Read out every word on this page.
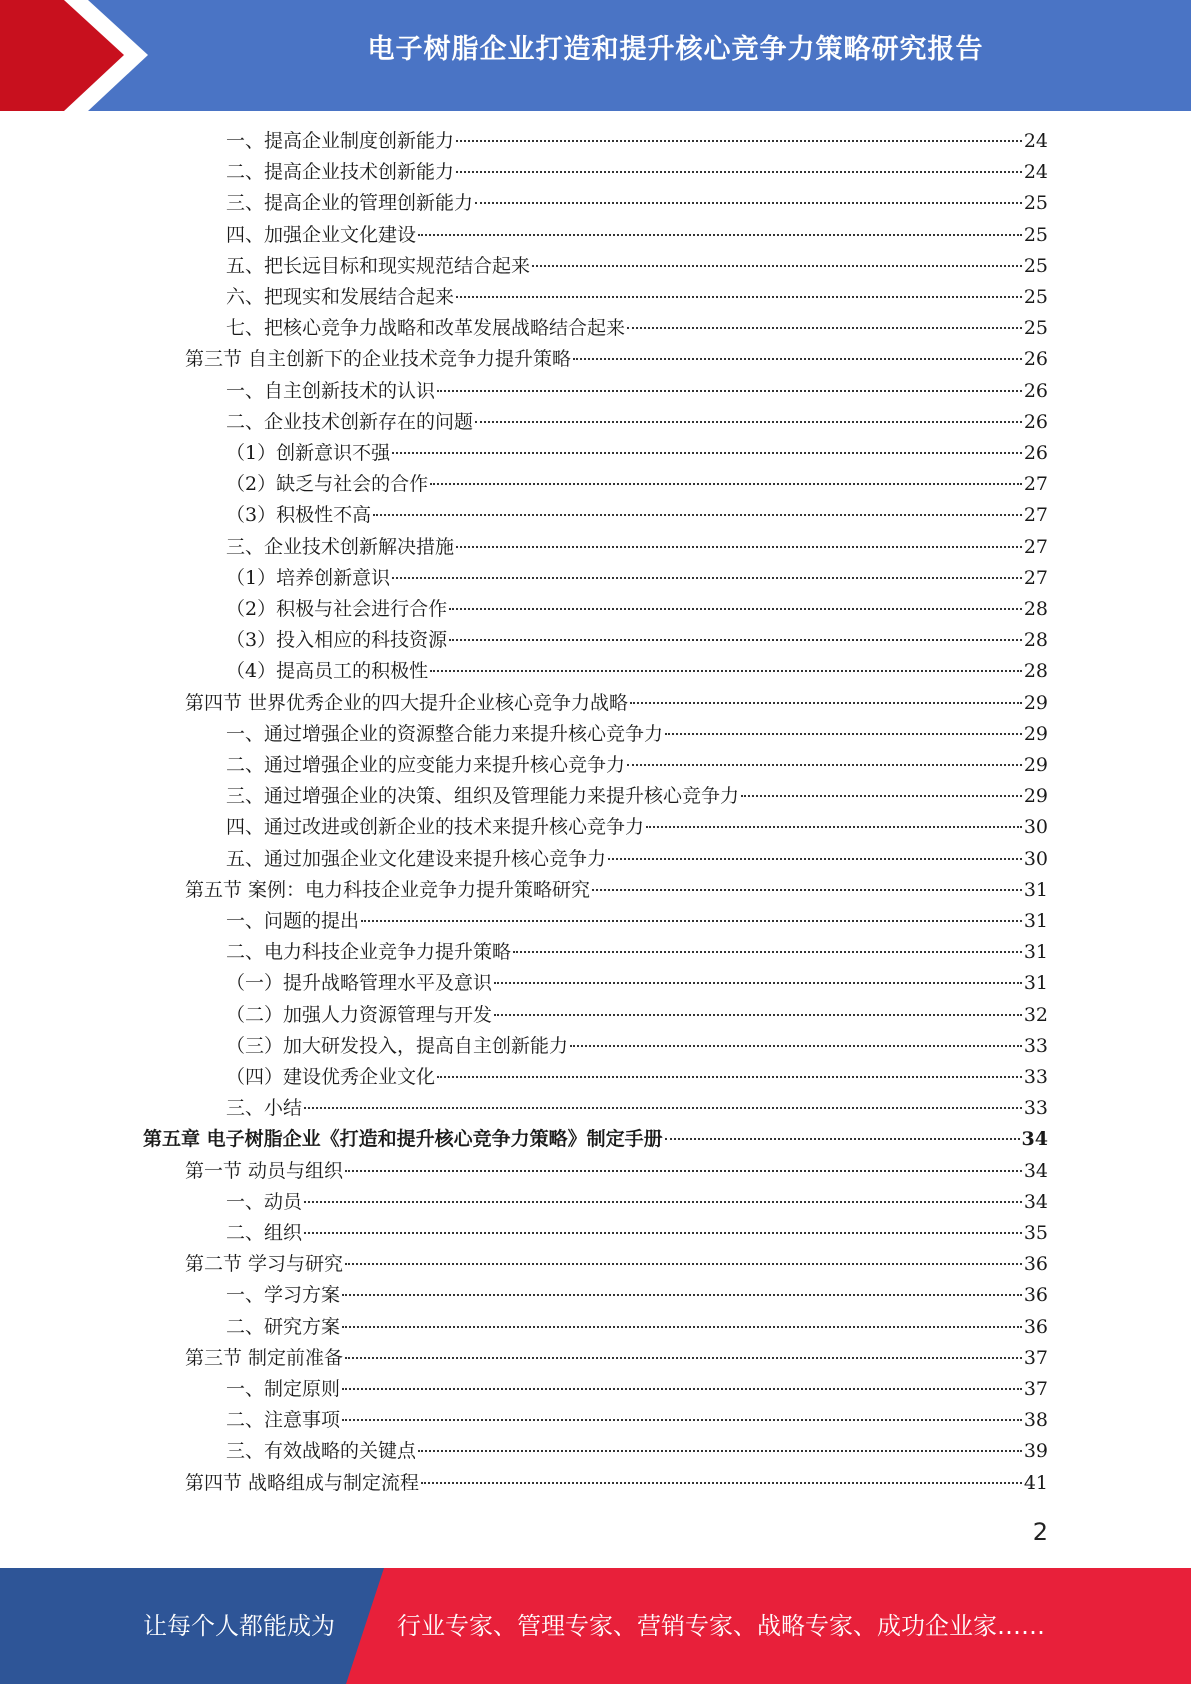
电子树脂企业打造和提升核心竞争力策略研究报告
一、提高企业制度创新能力	24
二、提高企业技术创新能力	24
三、提高企业的管理创新能力	25
四、加强企业文化建设	25
五、把长远目标和现实规范结合起来	25
六、把现实和发展结合起来	25
七、把核心竞争力战略和改革发展战略结合起来	25
第三节 自主创新下的企业技术竞争力提升策略	26
一、自主创新技术的认识	26
二、企业技术创新存在的问题	26
（1）创新意识不强	26
（2）缺乏与社会的合作	27
（3）积极性不高	27
三、企业技术创新解决措施	27
（1）培养创新意识	27
（2）积极与社会进行合作	28
（3）投入相应的科技资源	28
（4）提高员工的积极性	28
第四节 世界优秀企业的四大提升企业核心竞争力战略	29
一、通过增强企业的资源整合能力来提升核心竞争力	29
二、通过增强企业的应变能力来提升核心竞争力	29
三、通过增强企业的决策、组织及管理能力来提升核心竞争力	29
四、通过改进或创新企业的技术来提升核心竞争力	30
五、通过加强企业文化建设来提升核心竞争力	30
第五节 案例：电力科技企业竞争力提升策略研究	31
一、问题的提出	31
二、电力科技企业竞争力提升策略	31
（一）提升战略管理水平及意识	31
（二）加强人力资源管理与开发	32
（三）加大研发投入，提高自主创新能力	33
（四）建设优秀企业文化	33
三、小结	33
第五章 电子树脂企业《打造和提升核心竞争力策略》制定手册	34
第一节 动员与组织	34
一、动员	34
二、组织	35
第二节 学习与研究	36
一、学习方案	36
二、研究方案	36
第三节 制定前准备	37
一、制定原则	37
二、注意事项	38
三、有效战略的关键点	39
第四节 战略组成与制定流程	41
2
让每个人都能成为	行业专家、管理专家、营销专家、战略专家、成功企业家……
